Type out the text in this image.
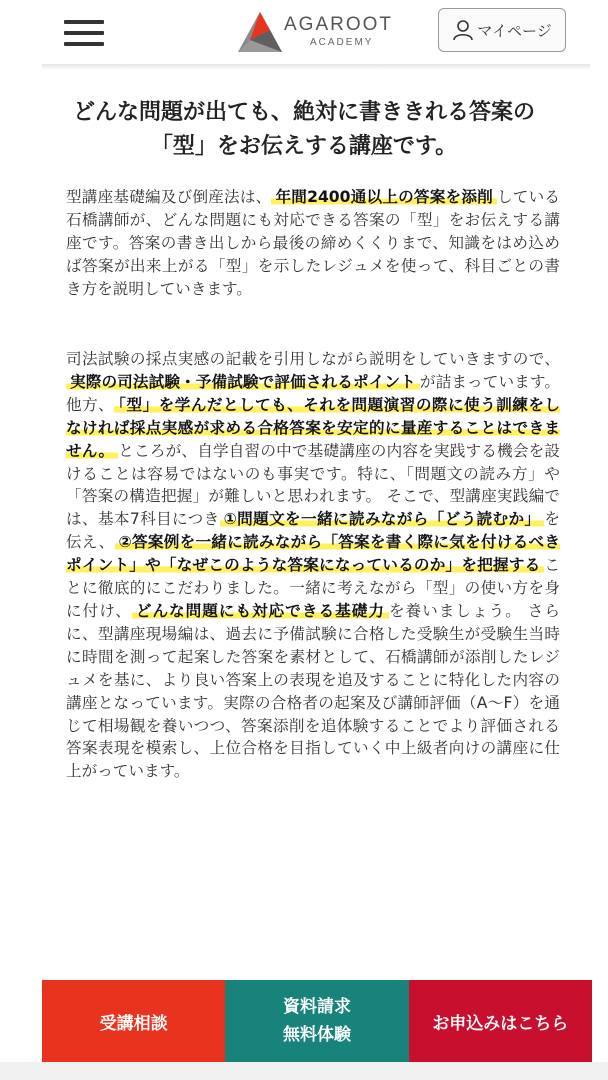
AGAROOT
ACADEMY
マイページ
どんな問題が出ても、絶対に書ききれる答案の
「型」をお伝えする講座です。

型講座基礎編及び倒産法は、 年間2400通以上の答案を添削 している石橋講師が、どんな問題にも対応できる答案の「型」をお伝えする講座です。答案の書き出しから最後の締めくくりまで、知識をはめ込めば答案が出来上がる「型」を示したレジュメを使って、科目ごとの書き方を説明していきます。

司法試験の採点実感の記載を引用しながら説明をしていきますので、実際の司法試験・予備試験で評価されるポイント が詰まっています。 他方、 「型」を学んだとしても、それを問題演習の際に使う訓練をしなければ採点実感が求める合格答案を安定的に量産することはできません。 ところが、自学自習の中で基礎講座の内容を実践する機会を設けることは容易ではないのも事実です。特に、「問題文の読み方」や「答案の構造把握」が難しいと思われます。 そこで、型講座実践編では、基本7科目につき ①問題文を一緒に読みながら「どう読むか」 を伝え、 ②答案例を一緒に読みながら「答案を書く際に気を付けるべきポイント」や「なぜこのような答案になっているのか」を把握する ことに徹底的にこだわりました。一緒に考えながら「型」の使い方を身に付け、 どんな問題にも対応できる基礎力 を養いましょう。 さらに、型講座現場編は、過去に予備試験に合格した受験生が受験生当時に時間を測って起案した答案を素材として、石橋講師が添削したレジュメを基に、より良い答案上の表現を追及することに特化した内容の講座となっています。実際の合格者の起案及び講師評価（A〜F）を通じて相場観を養いつつ、答案添削を追体験することでより評価される答案表現を模索し、上位合格を目指していく中上級者向けの講座に仕上がっています。

受講相談
資料請求
無料体験
お申込みはこちら
